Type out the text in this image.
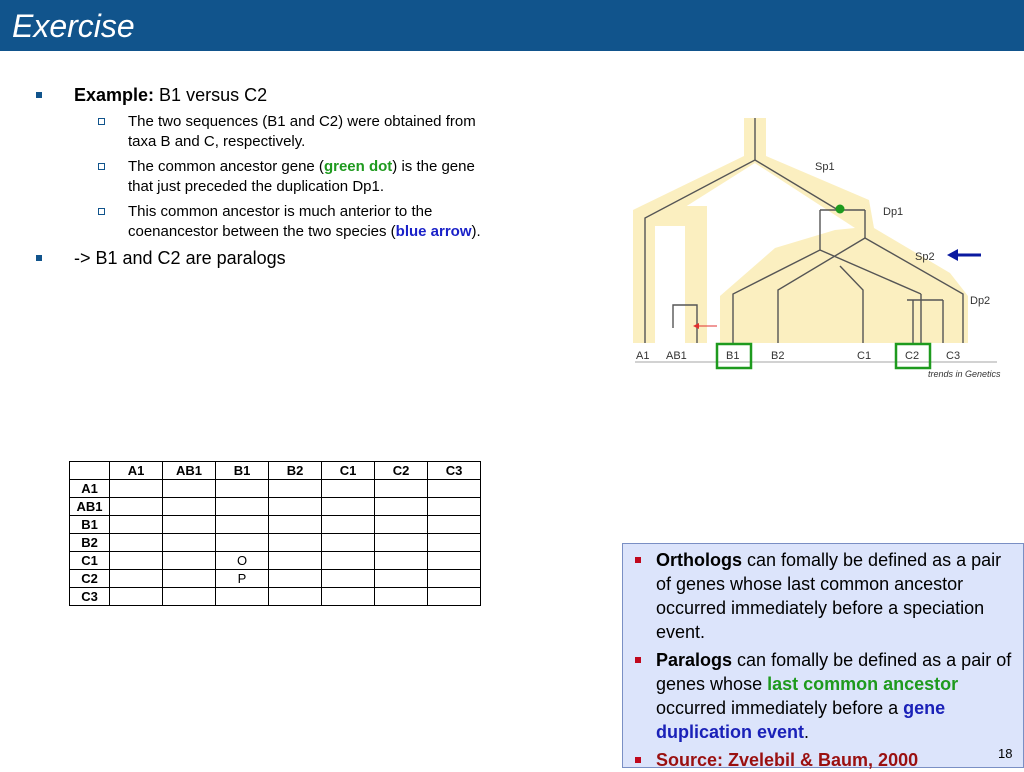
Exercise
Example: B1 versus C2
The two sequences (B1 and C2) were obtained from taxa B and C, respectively.
The common ancestor gene (green dot) is the gene that just preceded the duplication Dp1.
This common ancestor is much anterior to the coenancestor between the two species (blue arrow).
-> B1 and C2 are paralogs
Sp1
Dp1
Sp2
Dp2
A1 AB1	B1	B2	C1	C2 C3
trends in Genetics
	A1	AB1	B1	B2	C1	C2	C3
A1							
AB1							
B1							
B2							
C1			O				
C2			P				
C3							
Orthologs can fomally be defined as a pair of genes whose last common ancestor occurred immediately before a speciation event.
Paralogs can fomally be defined as a pair of genes whose last common ancestor occurred immediately before a gene duplication event.
Source: Zvelebil & Baum, 2000	18
